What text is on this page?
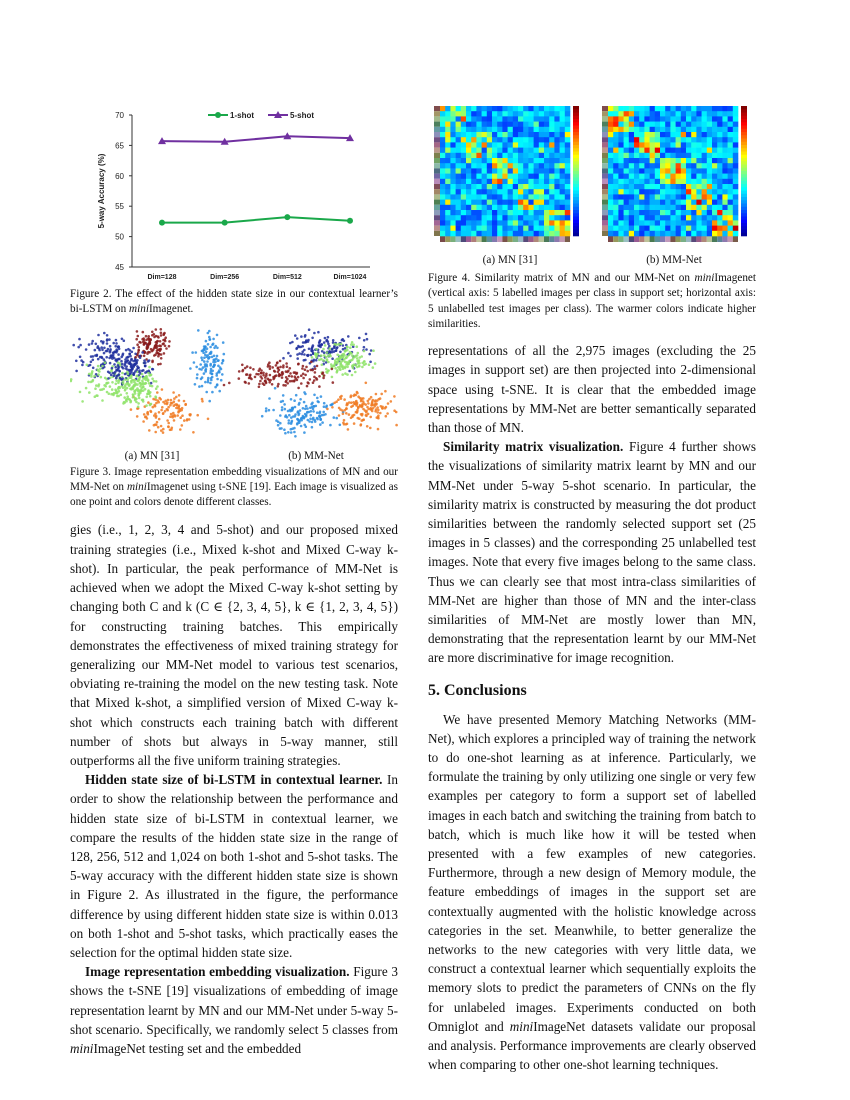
45
50
55
60
65
70
Dim=128	Dim=256	Dim=512	Dim=1024
5-way Accuracy (%)
1-shot	5-shot

Figure 2. The effect of the hidden state size in our contextual learner’s bi-LSTM on miniImagenet.

(a) MN [31]	(b) MM-Net

Figure 3. Image representation embedding visualizations of MN and our MM-Net on miniImagenet using t-SNE [19]. Each image is visualized as one point and colors denote different classes.

gies (i.e., 1, 2, 3, 4 and 5-shot) and our proposed mixed training strategies (i.e., Mixed k-shot and Mixed C-way k-shot). In particular, the peak performance of MM-Net is achieved when we adopt the Mixed C-way k-shot setting by changing both C and k (C ∈ {2, 3, 4, 5}, k ∈ {1, 2, 3, 4, 5}) for constructing training batches. This empirically demonstrates the effectiveness of mixed training strategy for generalizing our MM-Net model to various test scenarios, obviating re-training the model on the new testing task. Note that Mixed k-shot, a simplified version of Mixed C-way k-shot which constructs each training batch with different number of shots but always in 5-way manner, still outperforms all the five uniform training strategies.

Hidden state size of bi-LSTM in contextual learner. In order to show the relationship between the performance and hidden state size of bi-LSTM in contextual learner, we compare the results of the hidden state size in the range of 128, 256, 512 and 1,024 on both 1-shot and 5-shot tasks. The 5-way accuracy with the different hidden state size is shown in Figure 2. As illustrated in the figure, the performance difference by using different hidden state size is within 0.013 on both 1-shot and 5-shot tasks, which practically eases the selection for the optimal hidden state size.

Image representation embedding visualization. Figure 3 shows the t-SNE [19] visualizations of embedding of image representation learnt by MN and our MM-Net under 5-way 5-shot scenario. Specifically, we randomly select 5 classes from miniImageNet testing set and the embedded

(a) MN [31]	(b) MM-Net

Figure 4. Similarity matrix of MN and our MM-Net on miniImagenet (vertical axis: 5 labelled images per class in support set; horizontal axis: 5 unlabelled test images per class). The warmer colors indicate higher similarities.

representations of all the 2,975 images (excluding the 25 images in support set) are then projected into 2-dimensional space using t-SNE. It is clear that the embedded image representations by MM-Net are better semantically separated than those of MN.

Similarity matrix visualization. Figure 4 further shows the visualizations of similarity matrix learnt by MN and our MM-Net under 5-way 5-shot scenario. In particular, the similarity matrix is constructed by measuring the dot product similarities between the randomly selected support set (25 images in 5 classes) and the corresponding 25 unlabelled test images. Note that every five images belong to the same class. Thus we can clearly see that most intra-class similarities of MM-Net are higher than those of MN and the inter-class similarities of MM-Net are mostly lower than MN, demonstrating that the representation learnt by our MM-Net are more discriminative for image recognition.

5. Conclusions

We have presented Memory Matching Networks (MM-Net), which explores a principled way of training the network to do one-shot learning as at inference. Particularly, we formulate the training by only utilizing one single or very few examples per category to form a support set of labelled images in each batch and switching the training from batch to batch, which is much like how it will be tested when presented with a few examples of new categories. Furthermore, through a new design of Memory module, the feature embeddings of images in the support set are contextually augmented with the holistic knowledge across categories in the set. Meanwhile, to better generalize the networks to the new categories with very little data, we construct a contextual learner which sequentially exploits the memory slots to predict the parameters of CNNs on the fly for unlabeled images. Experiments conducted on both Omniglot and miniImageNet datasets validate our proposal and analysis. Performance improvements are clearly observed when comparing to other one-shot learning techniques.
